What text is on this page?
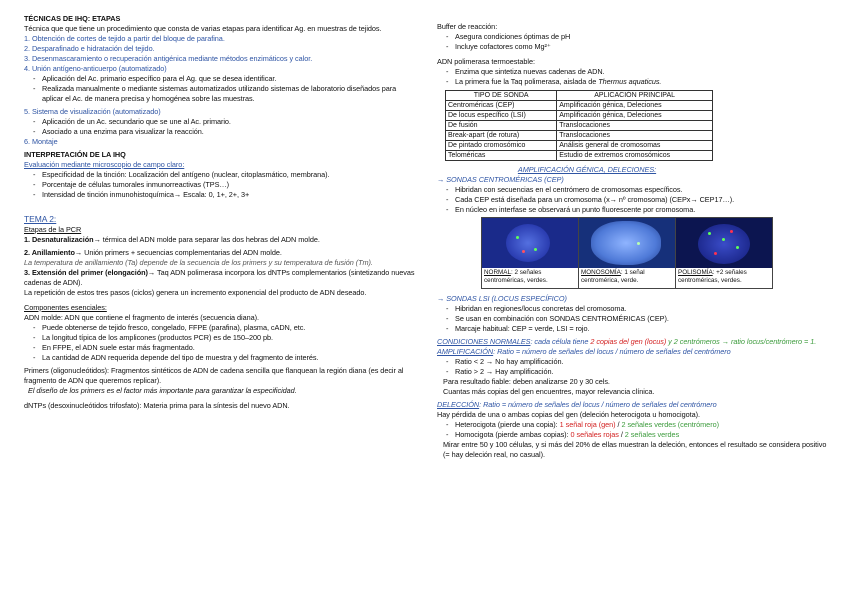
TÉCNICAS DE IHQ: ETAPAS
Técnica que que tiene un procedimiento que consta de varias etapas para identificar Ag. en muestras de tejidos.
1. Obtención de cortes de tejido a partir del bloque de parafina.
2. Desparafinado e hidratación del tejido.
3. Desenmascaramiento o recuperación antigénica mediante métodos enzimáticos y calor.
4. Unión antígeno-anticuerpo (automatizado)
- Aplicación del Ac. primario específico para el Ag. que se desea identificar.
- Realizada manualmente o mediante sistemas automatizados utilizando sistemas de laboratorio diseñados para aplicar el Ac. de manera precisa y homogénea sobre las muestras.
5. Sistema de visualización (automatizado)
- Aplicación de un Ac. secundario que se une al Ac. primario.
- Asociado a una enzima para visualizar la reacción.
6. Montaje
INTERPRETACIÓN DE LA IHQ
Evaluación mediante microscopio de campo claro:
- Especificidad de la tinción: Localización del antígeno (nuclear, citoplasmático, membrana).
- Porcentaje de células tumorales inmunorreactivas (TPS…)
- Intensidad de tinción inmunohistoquímica→ Escala: 0, 1+, 2+, 3+
TEMA 2:
Etapas de la PCR
1. Desnaturalización→ térmica del ADN molde para separar las dos hebras del ADN molde.
2. Anillamiento→ Unión primers + secuencias complementarias del ADN molde.
La temperatura de anillamiento (Ta) depende de la secuencia de los primers y su temperatura de fusión (Tm).
3. Extensión del primer (elongación)→ Taq ADN polimerasa incorpora los dNTPs complementarios (sintetizando nuevas cadenas de ADN).
La repetición de estos tres pasos (ciclos) genera un incremento exponencial del producto de ADN deseado.
Componentes esenciales:
ADN molde: ADN que contiene el fragmento de interés (secuencia diana).
- Puede obtenerse de tejido fresco, congelado, FFPE (parafina), plasma, cADN, etc.
- La longitud típica de los amplicones (productos PCR) es de 150–200 pb.
- En FFPE, el ADN suele estar más fragmentado.
- La cantidad de ADN requerida depende del tipo de muestra y del fragmento de interés.
Primers (oligonucleótidos): Fragmentos sintéticos de ADN de cadena sencilla que flanquean la región diana (es decir al fragmento de ADN que queremos replicar).
El diseño de los primers es el factor más importante para garantizar la especificidad.
dNTPs (desoxinucleótidos trifosfato): Materia prima para la síntesis del nuevo ADN.
Buffer de reacción:
- Asegura condiciones óptimas de pH
- Incluye cofactores como Mg²⁺
ADN polimerasa termoestable:
- Enzima que sintetiza nuevas cadenas de ADN.
- La primera fue la Taq polimerasa, aislada de Thermus aquaticus.
TIPO DE SONDA	APLICACIÓN PRINCIPAL
Centroméricas (CEP)	Amplificación génica, Deleciones
De locus específico (LSI)	Amplificación génica, Deleciones
De fusión	Translocaciones
Break-apart (de rotura)	Translocaciones
De pintado cromosómico	Análisis general de cromosomas
Teloméricas	Estudio de extremos cromosómicos
AMPLIFICACIÓN GÉNICA, DELECIONES:
→ SONDAS CENTROMÉRICAS (CEP)
- Hibridan con secuencias en el centrómero de cromosomas específicos.
- Cada CEP está diseñada para un cromosoma (x→ nº cromosoma) (CEPx→ CEP17…).
- En núcleo en interfase se observará un punto fluorescente por cromosoma.
NORMAL: 2 señales centroméricas, verdes.
MONOSOMÍA: 1 señal centromérica, verde.
POLISOMÍA: +2 señales centroméricas, verdes.
→ SONDAS LSI (LOCUS ESPECÍFICO)
- Hibridan en regiones/locus concretas del cromosoma.
- Se usan en combinación con SONDAS CENTROMÉRICAS (CEP).
- Marcaje habitual: CEP = verde, LSI = rojo.
CONDICIONES NORMALES: cada célula tiene 2 copias del gen (locus) y 2 centrómeros → ratio locus/centrómero = 1.
AMPLIFICACIÓN: Ratio = número de señales del locus / número de señales del centrómero
- Ratio < 2 → No hay amplificación.
- Ratio > 2 → Hay amplificación.
Para resultado fiable: deben analizarse 20 y 30 cels.
Cuantas más copias del gen encuentres, mayor relevancia clínica.
DELECCIÓN: Ratio = número de señales del locus / número de señales del centrómero
Hay pérdida de una o ambas copias del gen (deleción heterocigota u homocigota).
- Heterocigota (pierde una copia): 1 señal roja (gen) / 2 señales verdes (centrómero)
- Homocigota (pierde ambas copias): 0 señales rojas / 2 señales verdes
Mirar entre 50 y 100 células, y si más del 20% de ellas muestran la deleción, entonces el resultado se considera positivo (= hay deleción real, no casual).
